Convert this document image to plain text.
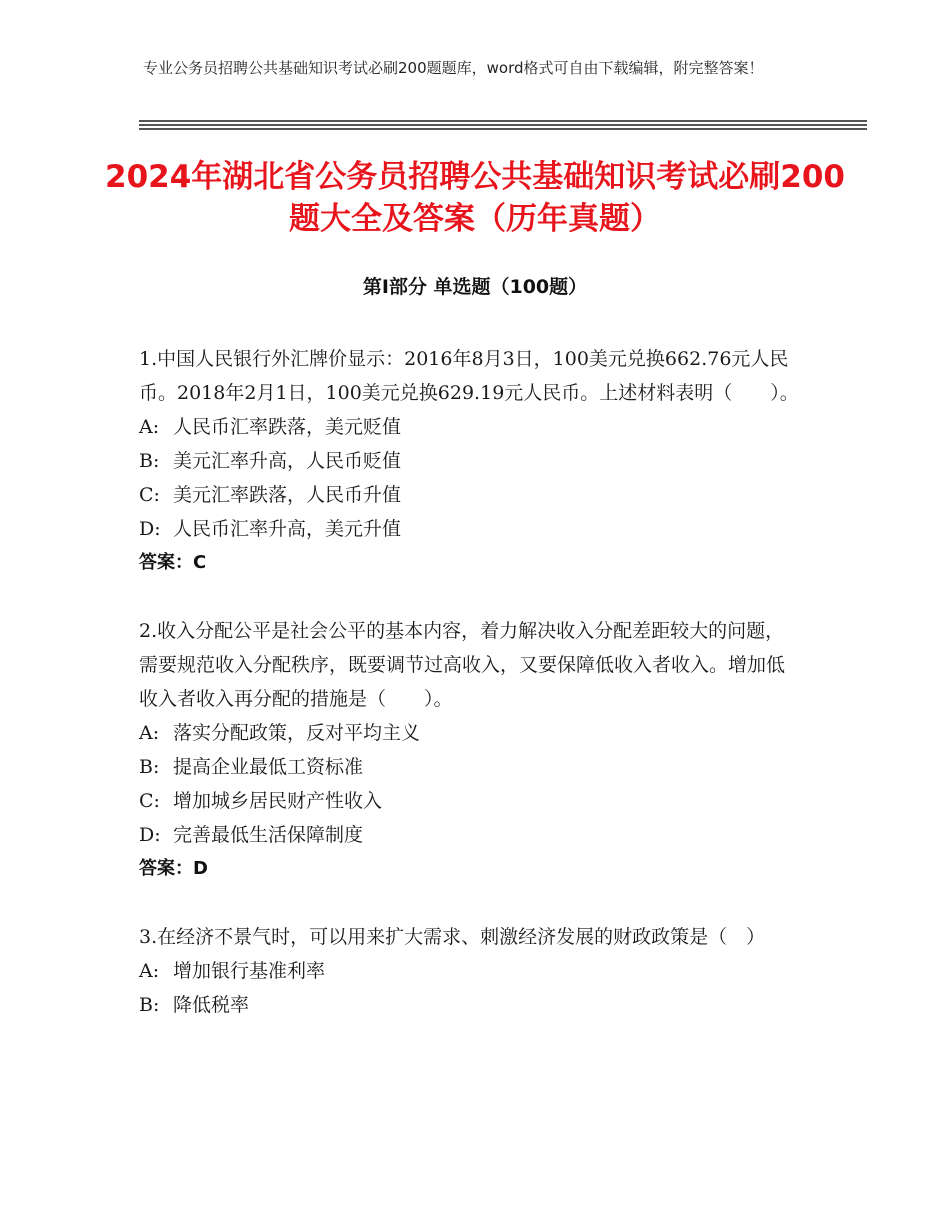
专业公务员招聘公共基础知识考试必刷200题题库，word格式可自由下载编辑，附完整答案！
2024年湖北省公务员招聘公共基础知识考试必刷200题大全及答案（历年真题）
第Ⅰ部分 单选题（100题）
1.中国人民银行外汇牌价显示：2016年8月3日，100美元兑换662.76元人民币。2018年2月1日，100美元兑换629.19元人民币。上述材料表明（　　）。
A: 人民币汇率跌落，美元贬值
B: 美元汇率升高，人民币贬值
C: 美元汇率跌落，人民币升值
D: 人民币汇率升高，美元升值
答案：C
2.收入分配公平是社会公平的基本内容，着力解决收入分配差距较大的问题，需要规范收入分配秩序，既要调节过高收入，又要保障低收入者收入。增加低收入者收入再分配的措施是（　　）。
A: 落实分配政策，反对平均主义
B: 提高企业最低工资标准
C: 增加城乡居民财产性收入
D: 完善最低生活保障制度
答案：D
3.在经济不景气时，可以用来扩大需求、刺激经济发展的财政政策是（　）
A: 增加银行基准利率
B: 降低税率
